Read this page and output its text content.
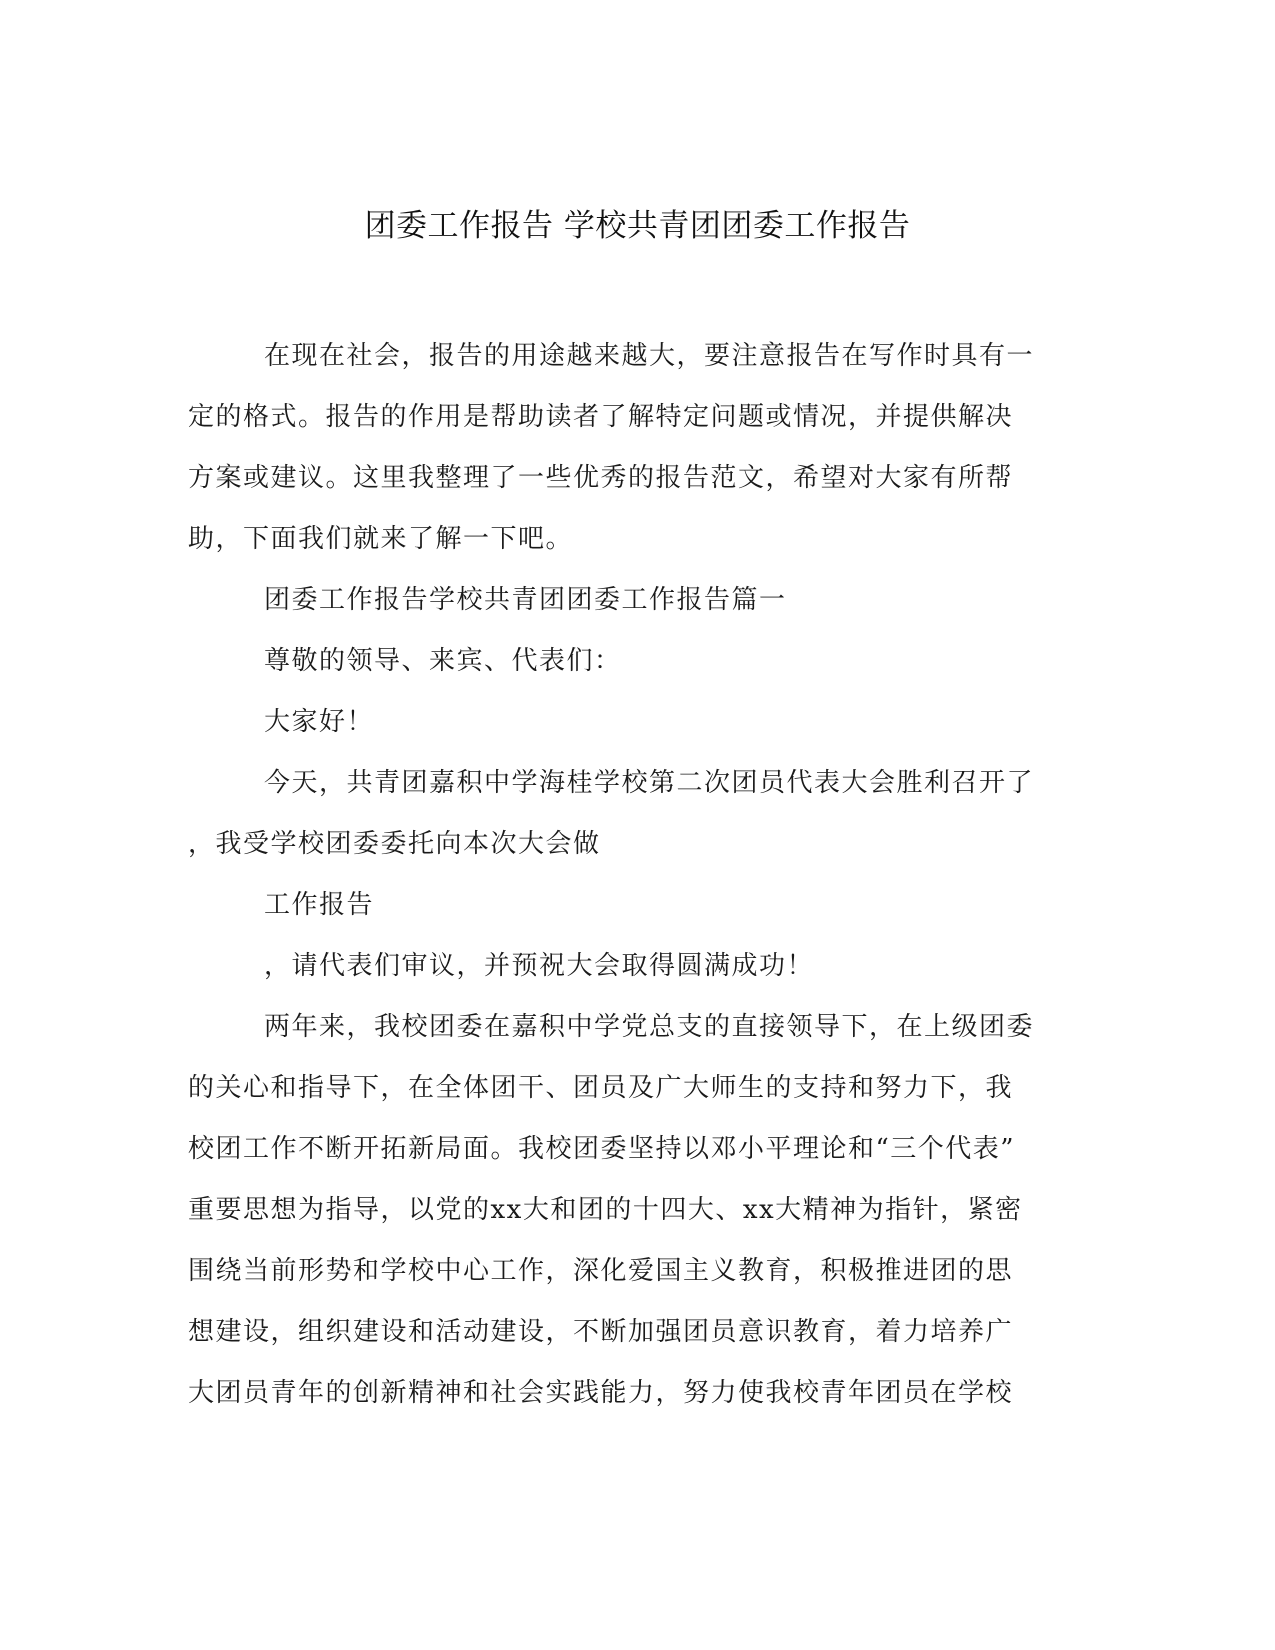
团委工作报告 学校共青团团委工作报告
在现在社会，报告的用途越来越大，要注意报告在写作时具有一
定的格式。报告的作用是帮助读者了解特定问题或情况，并提供解决
方案或建议。这里我整理了一些优秀的报告范文，希望对大家有所帮
助，下面我们就来了解一下吧。
团委工作报告学校共青团团委工作报告篇一
尊敬的领导、来宾、代表们：
大家好！
今天，共青团嘉积中学海桂学校第二次团员代表大会胜利召开了
，我受学校团委委托向本次大会做
工作报告
，请代表们审议，并预祝大会取得圆满成功！
两年来，我校团委在嘉积中学党总支的直接领导下，在上级团委
的关心和指导下，在全体团干、团员及广大师生的支持和努力下，我
校团工作不断开拓新局面。我校团委坚持以邓小平理论和“三个代表”
重要思想为指导，以党的xx大和团的十四大、xx大精神为指针，紧密
围绕当前形势和学校中心工作，深化爱国主义教育，积极推进团的思
想建设，组织建设和活动建设，不断加强团员意识教育，着力培养广
大团员青年的创新精神和社会实践能力，努力使我校青年团员在学校
